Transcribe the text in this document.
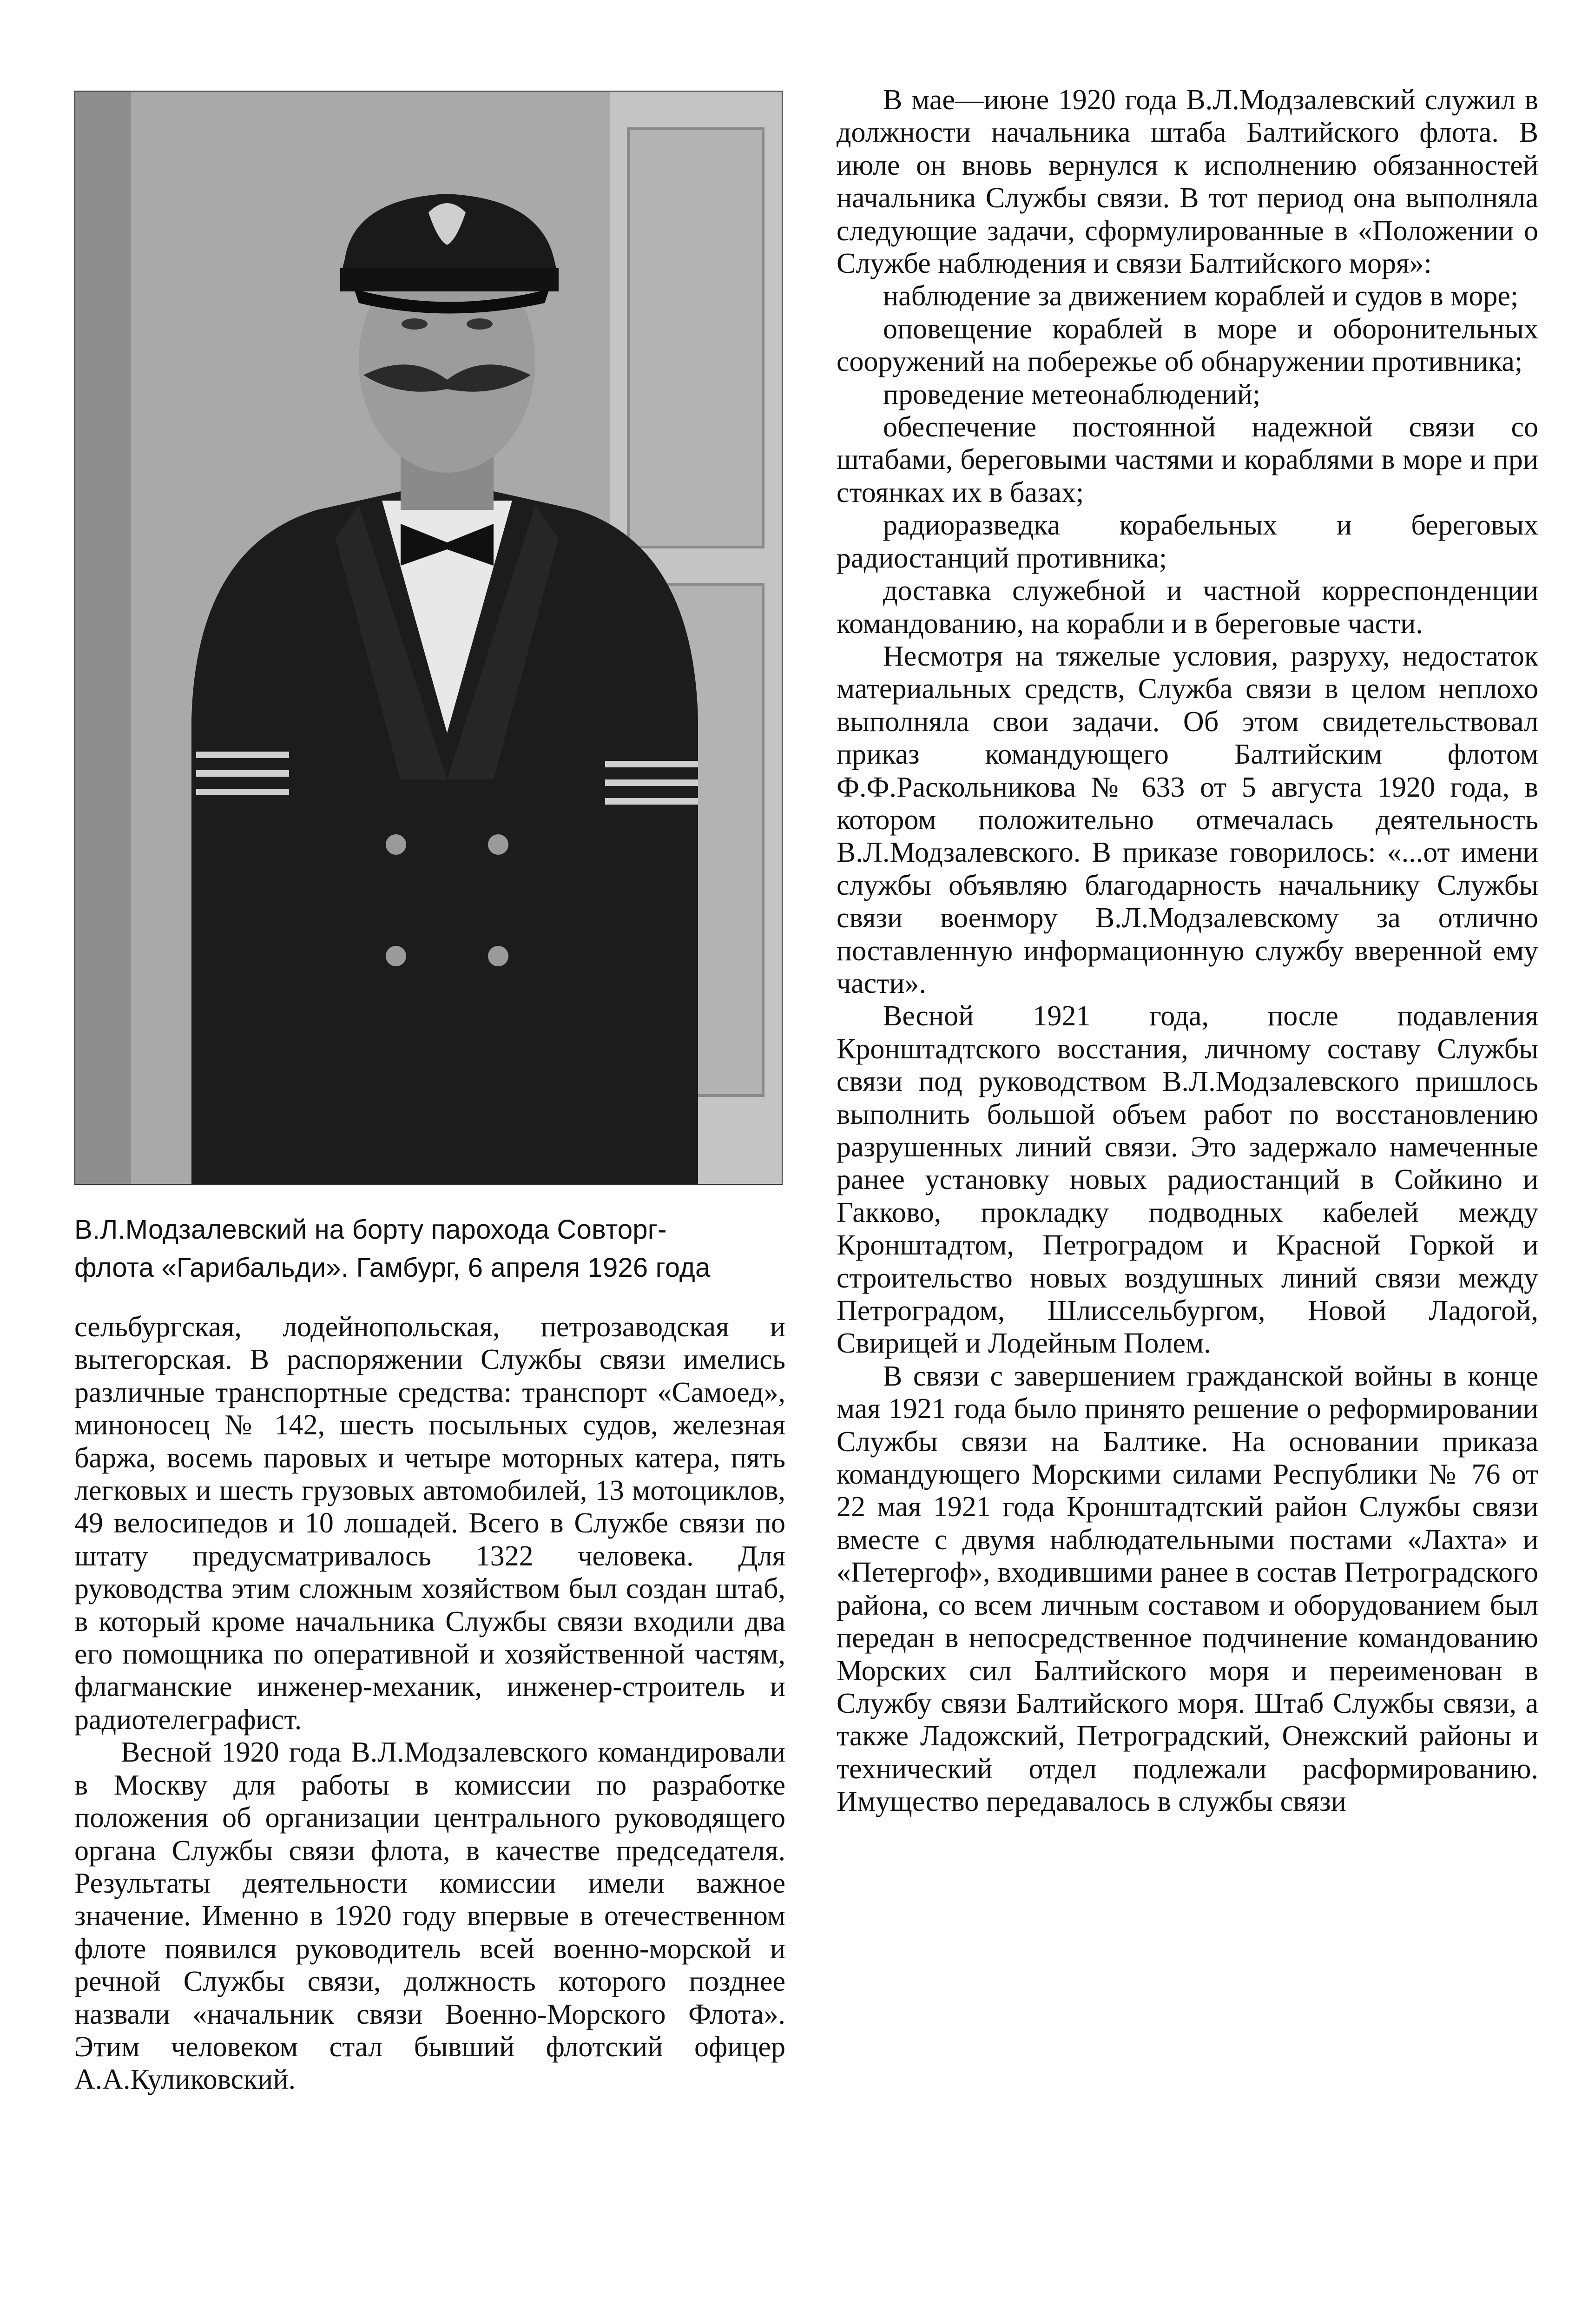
В.Л.Модзалевский на борту парохода Совторг-
флота «Гарибальди». Гамбург, 6 апреля 1926 года

сельбургская, лодейнопольская, петрозаводская и вытегорская. В распоряжении Службы связи имелись различные транспортные средства: транспорт «Самоед», миноносец № 142, шесть посыльных судов, железная баржа, восемь паровых и четыре моторных катера, пять легковых и шесть грузовых автомобилей, 13 мотоциклов, 49 велосипедов и 10 лошадей. Всего в Службе связи по штату предусматривалось 1322 человека. Для руководства этим сложным хозяйством был создан штаб, в который кроме начальника Службы связи входили два его помощника по оперативной и хозяйственной частям, флагманские инженер-механик, инженер-строитель и радиотелеграфист.

Весной 1920 года В.Л.Модзалевского командировали в Москву для работы в комиссии по разработке положения об организации центрального руководящего органа Службы связи флота, в качестве председателя. Результаты деятельности комиссии имели важное значение. Именно в 1920 году впервые в отечественном флоте появился руководитель всей военно-морской и речной Службы связи, должность которого позднее назвали «начальник связи Военно-Морского Флота». Этим человеком стал бывший флотский офицер А.А.Куликовский.

В мае—июне 1920 года В.Л.Модзалевский служил в должности начальника штаба Балтийского флота. В июле он вновь вернулся к исполнению обязанностей начальника Службы связи. В тот период она выполняла следующие задачи, сформулированные в «Положении о Службе наблюдения и связи Балтийского моря»:

наблюдение за движением кораблей и судов в море;

оповещение кораблей в море и оборонительных сооружений на побережье об обнаружении противника;

проведение метеонаблюдений;

обеспечение постоянной надежной связи со штабами, береговыми частями и кораблями в море и при стоянках их в базах;

радиоразведка корабельных и береговых радиостанций противника;

доставка служебной и частной корреспонденции командованию, на корабли и в береговые части.

Несмотря на тяжелые условия, разруху, недостаток материальных средств, Служба связи в целом неплохо выполняла свои задачи. Об этом свидетельствовал приказ командующего Балтийским флотом Ф.Ф.Раскольникова № 633 от 5 августа 1920 года, в котором положительно отмечалась деятельность В.Л.Модзалевского. В приказе говорилось: «...от имени службы объявляю благодарность начальнику Службы связи военмору В.Л.Модзалевскому за отлично поставленную информационную службу вверенной ему части».

Весной 1921 года, после подавления Кронштадтского восстания, личному составу Службы связи под руководством В.Л.Модзалевского пришлось выполнить большой объем работ по восстановлению разрушенных линий связи. Это задержало намеченные ранее установку новых радиостанций в Сойкино и Гакково, прокладку подводных кабелей между Кронштадтом, Петроградом и Красной Горкой и строительство новых воздушных линий связи между Петроградом, Шлиссельбургом, Новой Ладогой, Свирицей и Лодейным Полем.

В связи с завершением гражданской войны в конце мая 1921 года было принято решение о реформировании Службы связи на Балтике. На основании приказа командующего Морскими силами Республики № 76 от 22 мая 1921 года Кронштадтский район Службы связи вместе с двумя наблюдательными постами «Лахта» и «Петергоф», входившими ранее в состав Петроградского района, со всем личным составом и оборудованием был передан в непосредственное подчинение командованию Морских сил Балтийского моря и переименован в Службу связи Балтийского моря. Штаб Службы связи, а также Ладожский, Петроградский, Онежский районы и технический отдел подлежали расформированию. Имущество передавалось в службы связи
